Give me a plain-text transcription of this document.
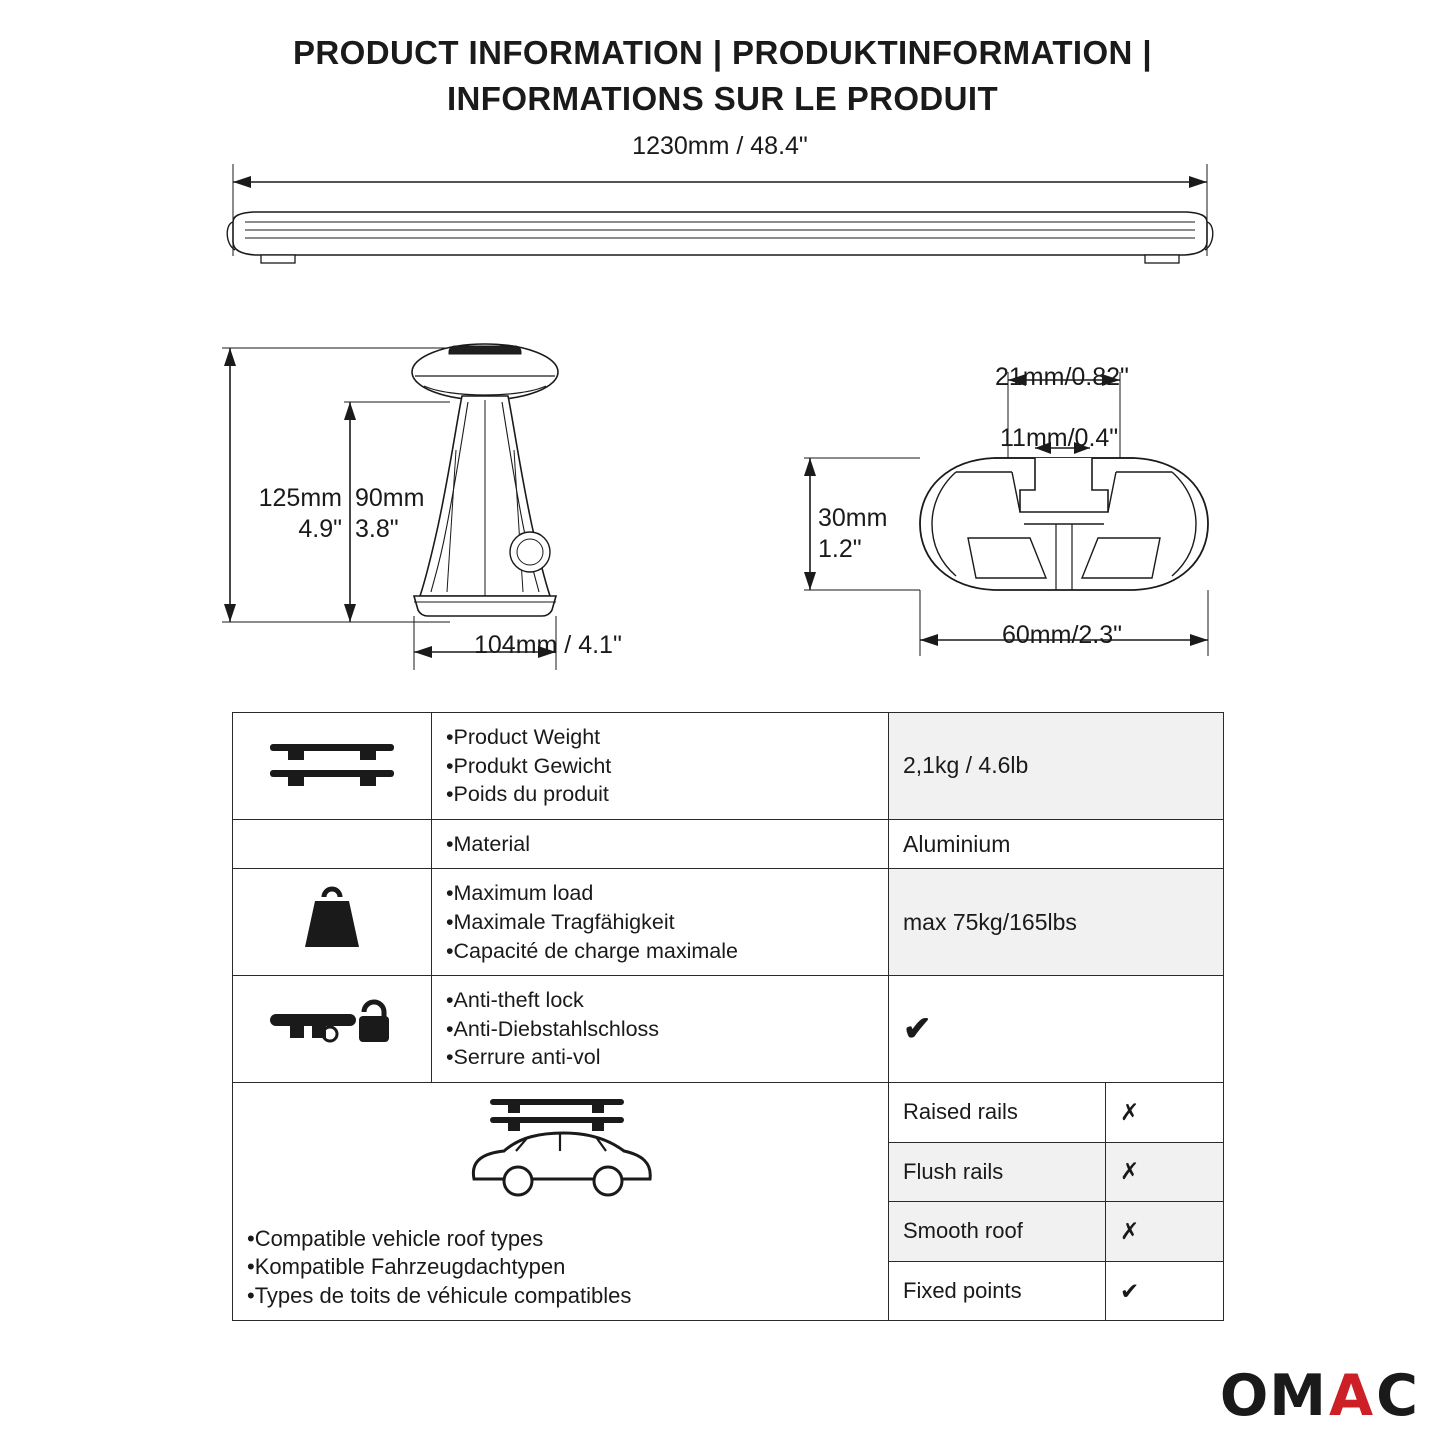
PRODUCT INFORMATION | PRODUKTINFORMATION |
INFORMATIONS SUR LE PRODUIT
1230mm / 48.4"
125mm
4.9"
90mm
3.8"
104mm / 4.1"
21mm/0.82"
11mm/0.4"
30mm
1.2"
60mm/2.3"

•Product Weight
•Produkt Gewicht
•Poids du produit	2,1kg / 4.6lb	

	•Material	Aluminium	

•Maximum load
•Maximale Tragfähigkeit
•Capacité de charge maximale	max 75kg/165lbs	

•Anti-theft lock
•Anti-Diebstahlschloss
•Serrure anti-vol	✔	

•Compatible vehicle roof types
•Kompatible Fahrzeugdachtypen
•Types de toits de véhicule compatibles		Raised rails	✗
		Flush rails	✗
		Smooth roof	✗
		Fixed points	✔
OM A C
